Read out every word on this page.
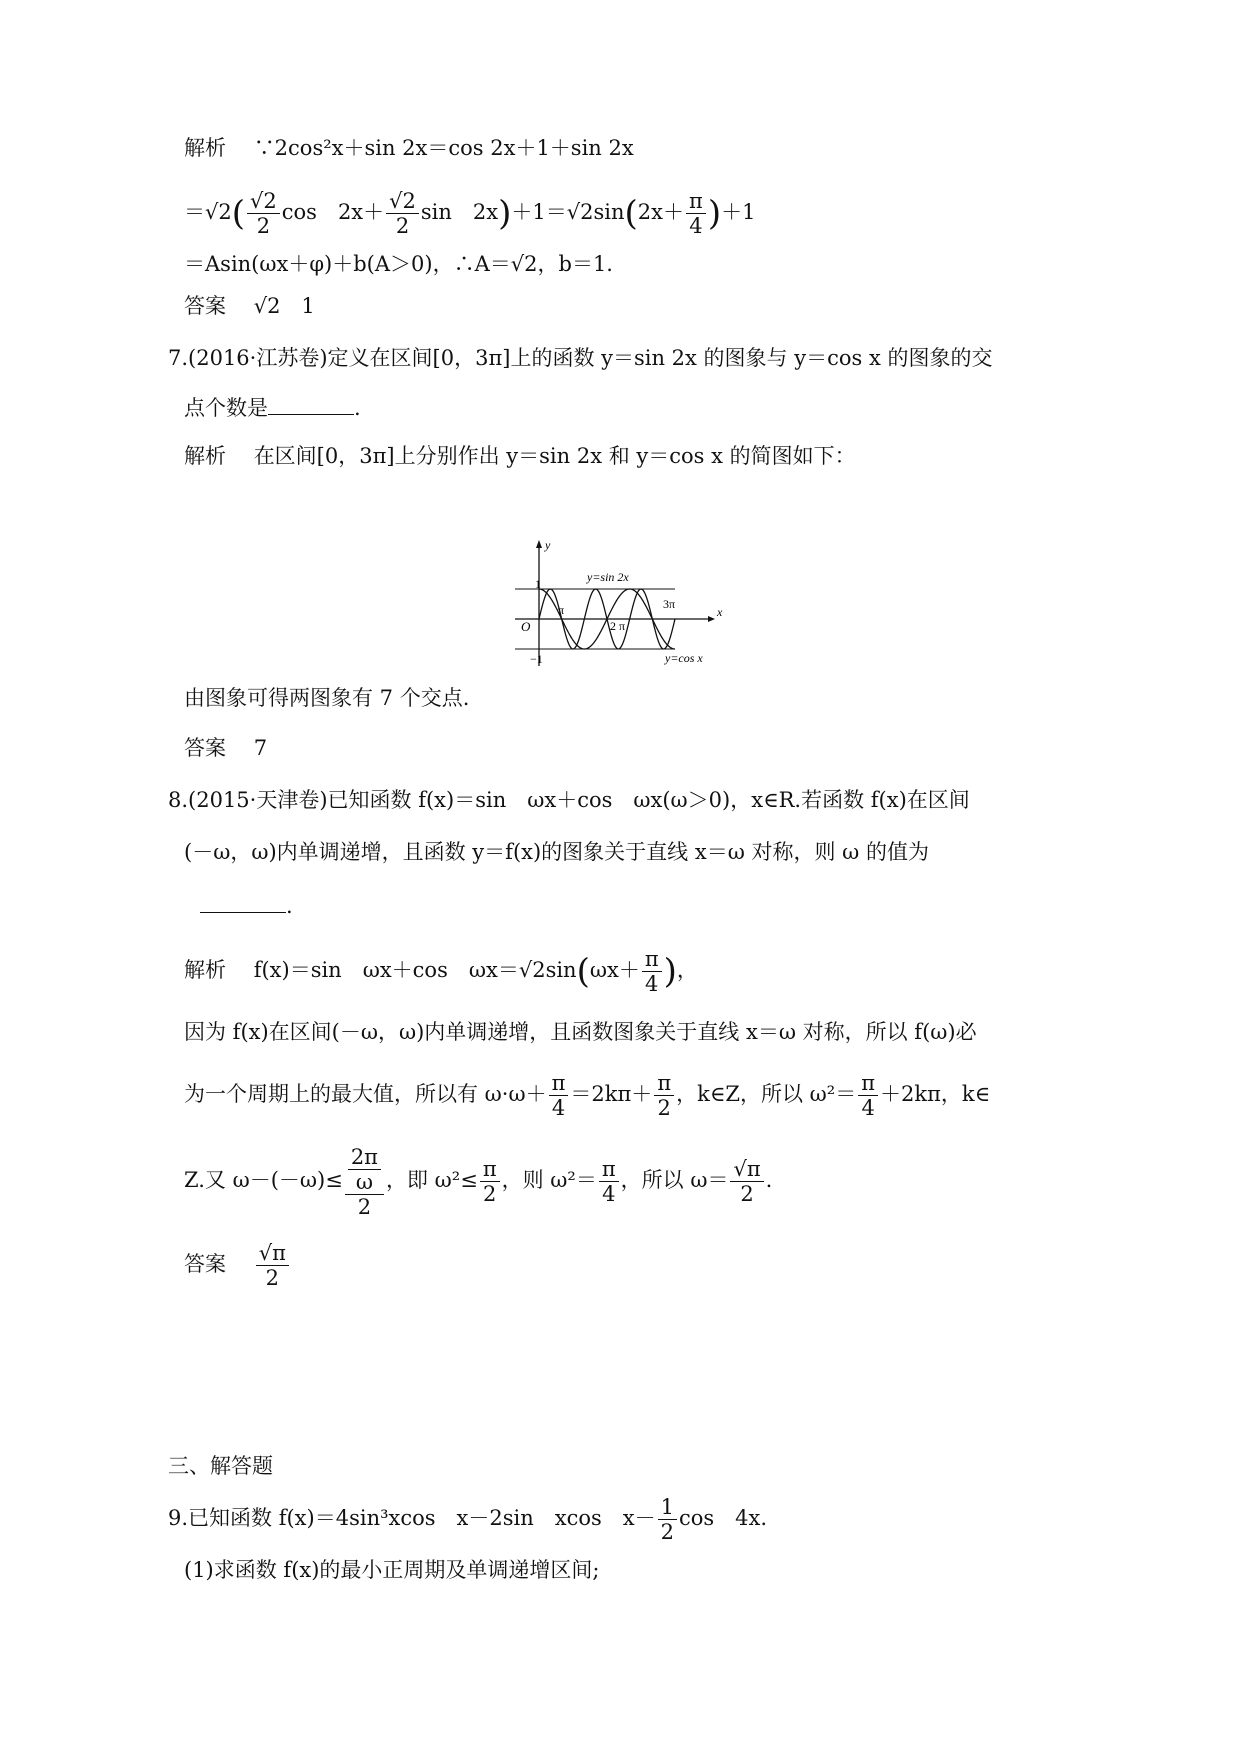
解析　 ∵2cos²x＋sin 2x＝cos 2x＋1＋sin 2x
$=√2( \frac{√2}{2}$ cos　$2x+ \frac{√2}{2}$ sin　$2x)+1=√2\sin(2x+ \frac{\pi}{4} )+1$
＝Asin(ωx＋φ)＋b(A＞0)，∴A＝√2，b＝1.
答案　 √2　1
7.(2016·江苏卷)定义在区间[0，3π]上的函数 y＝sin 2x 的图象与 y＝cos x 的图象的交
点个数是	.
解析　 在区间[0，3π]上分别作出 y＝sin 2x 和 y＝cos x 的简图如下：
y
x
O
1
−1
π
2 π
3π
y=sin 2x
y=cos x
由图象可得两图象有 7 个交点.
答案　 7
8.(2015·天津卷)已知函数 f(x)＝sin　ωx＋cos　ωx(ω＞0)，x∈R.若函数 f(x)在区间
(－ω，ω)内单调递增，且函数 y＝f(x)的图象关于直线 x＝ω 对称，则 ω 的值为
.
解析　 f(x)＝sin　ωx＋cos　$\omega x=√2\sin(\omega x+ \frac{\pi}{4}$ )，
因为 f(x)在区间(－ω，ω)内单调递增，且函数图象关于直线 x＝ω 对称，所以 f(ω)必
为一个周期上的最大值，所以有 $\omega\cdot\omega+ \frac{\pi}{4} =2k\pi+ \frac{\pi}{2}$ ，k∈Z，所以 $\omega^2= \frac{\pi}{4} +2k\pi$，k∈
Z.又 $\omega-(-\omega)\le \frac{\frac{2\pi}{\omega}}{2}$ ，即 $\omega^2\le \frac{\pi}{2}$ ，则 $\omega^2= \frac{\pi}{4}$ ，所以 $\omega= \frac{√\pi}{2}$ .
答案　 $\frac{√\pi}{2}$
三、解答题
9.已知函数 f(x)＝4sin³xcos　x－2sin　xcos　$x- \frac{1}{2}$ cos　4x.
(1)求函数 f(x)的最小正周期及单调递增区间;
